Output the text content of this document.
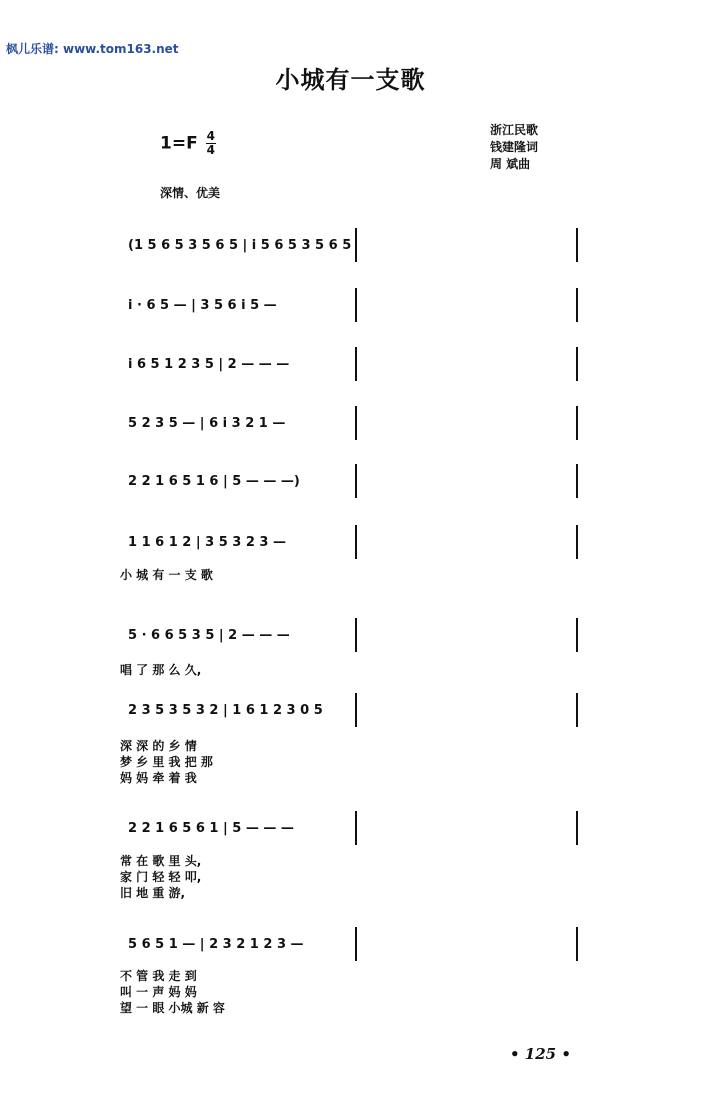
枫儿乐谱: www.tom163.net
小城有一支歌
$1=F \frac{4}{4}$	浙江民歌
钱建隆词
周 斌曲
深情、优美
(1 5 6 5 3 5 6 5 | i 5 6 5 3 5 6 5
i · 6 5 — | 3 5 6 i 5 —
i 6 5 1 2 3 5 | 2 — — —
5 2 3 5 — | 6 i 3 2 1 —
2 2 1 6 5 1 6 | 5 — — —)
1 1 6 1 2 | 3 5 3 2 3 —
5 · 6 6 5 3 5 | 2 — — —
2 3 5 3 5 3 2 | 1 6 1 2 3 0 5
2 2 1 6 5 6 1 | 5 — — —
5 6 5 1 — | 2 3 2 1 2 3 —
小 城 有 一 支 歌
唱 了 那 么 久,
深 深 的 乡 情
梦 乡 里 我 把 那
妈 妈 牵 着 我
常 在 歌 里 头,
家 门 轻 轻 叩,
旧 地 重 游,
不 管 我 走 到
叫 一 声 妈 妈
望 一 眼 小城 新 容
• 125 •
